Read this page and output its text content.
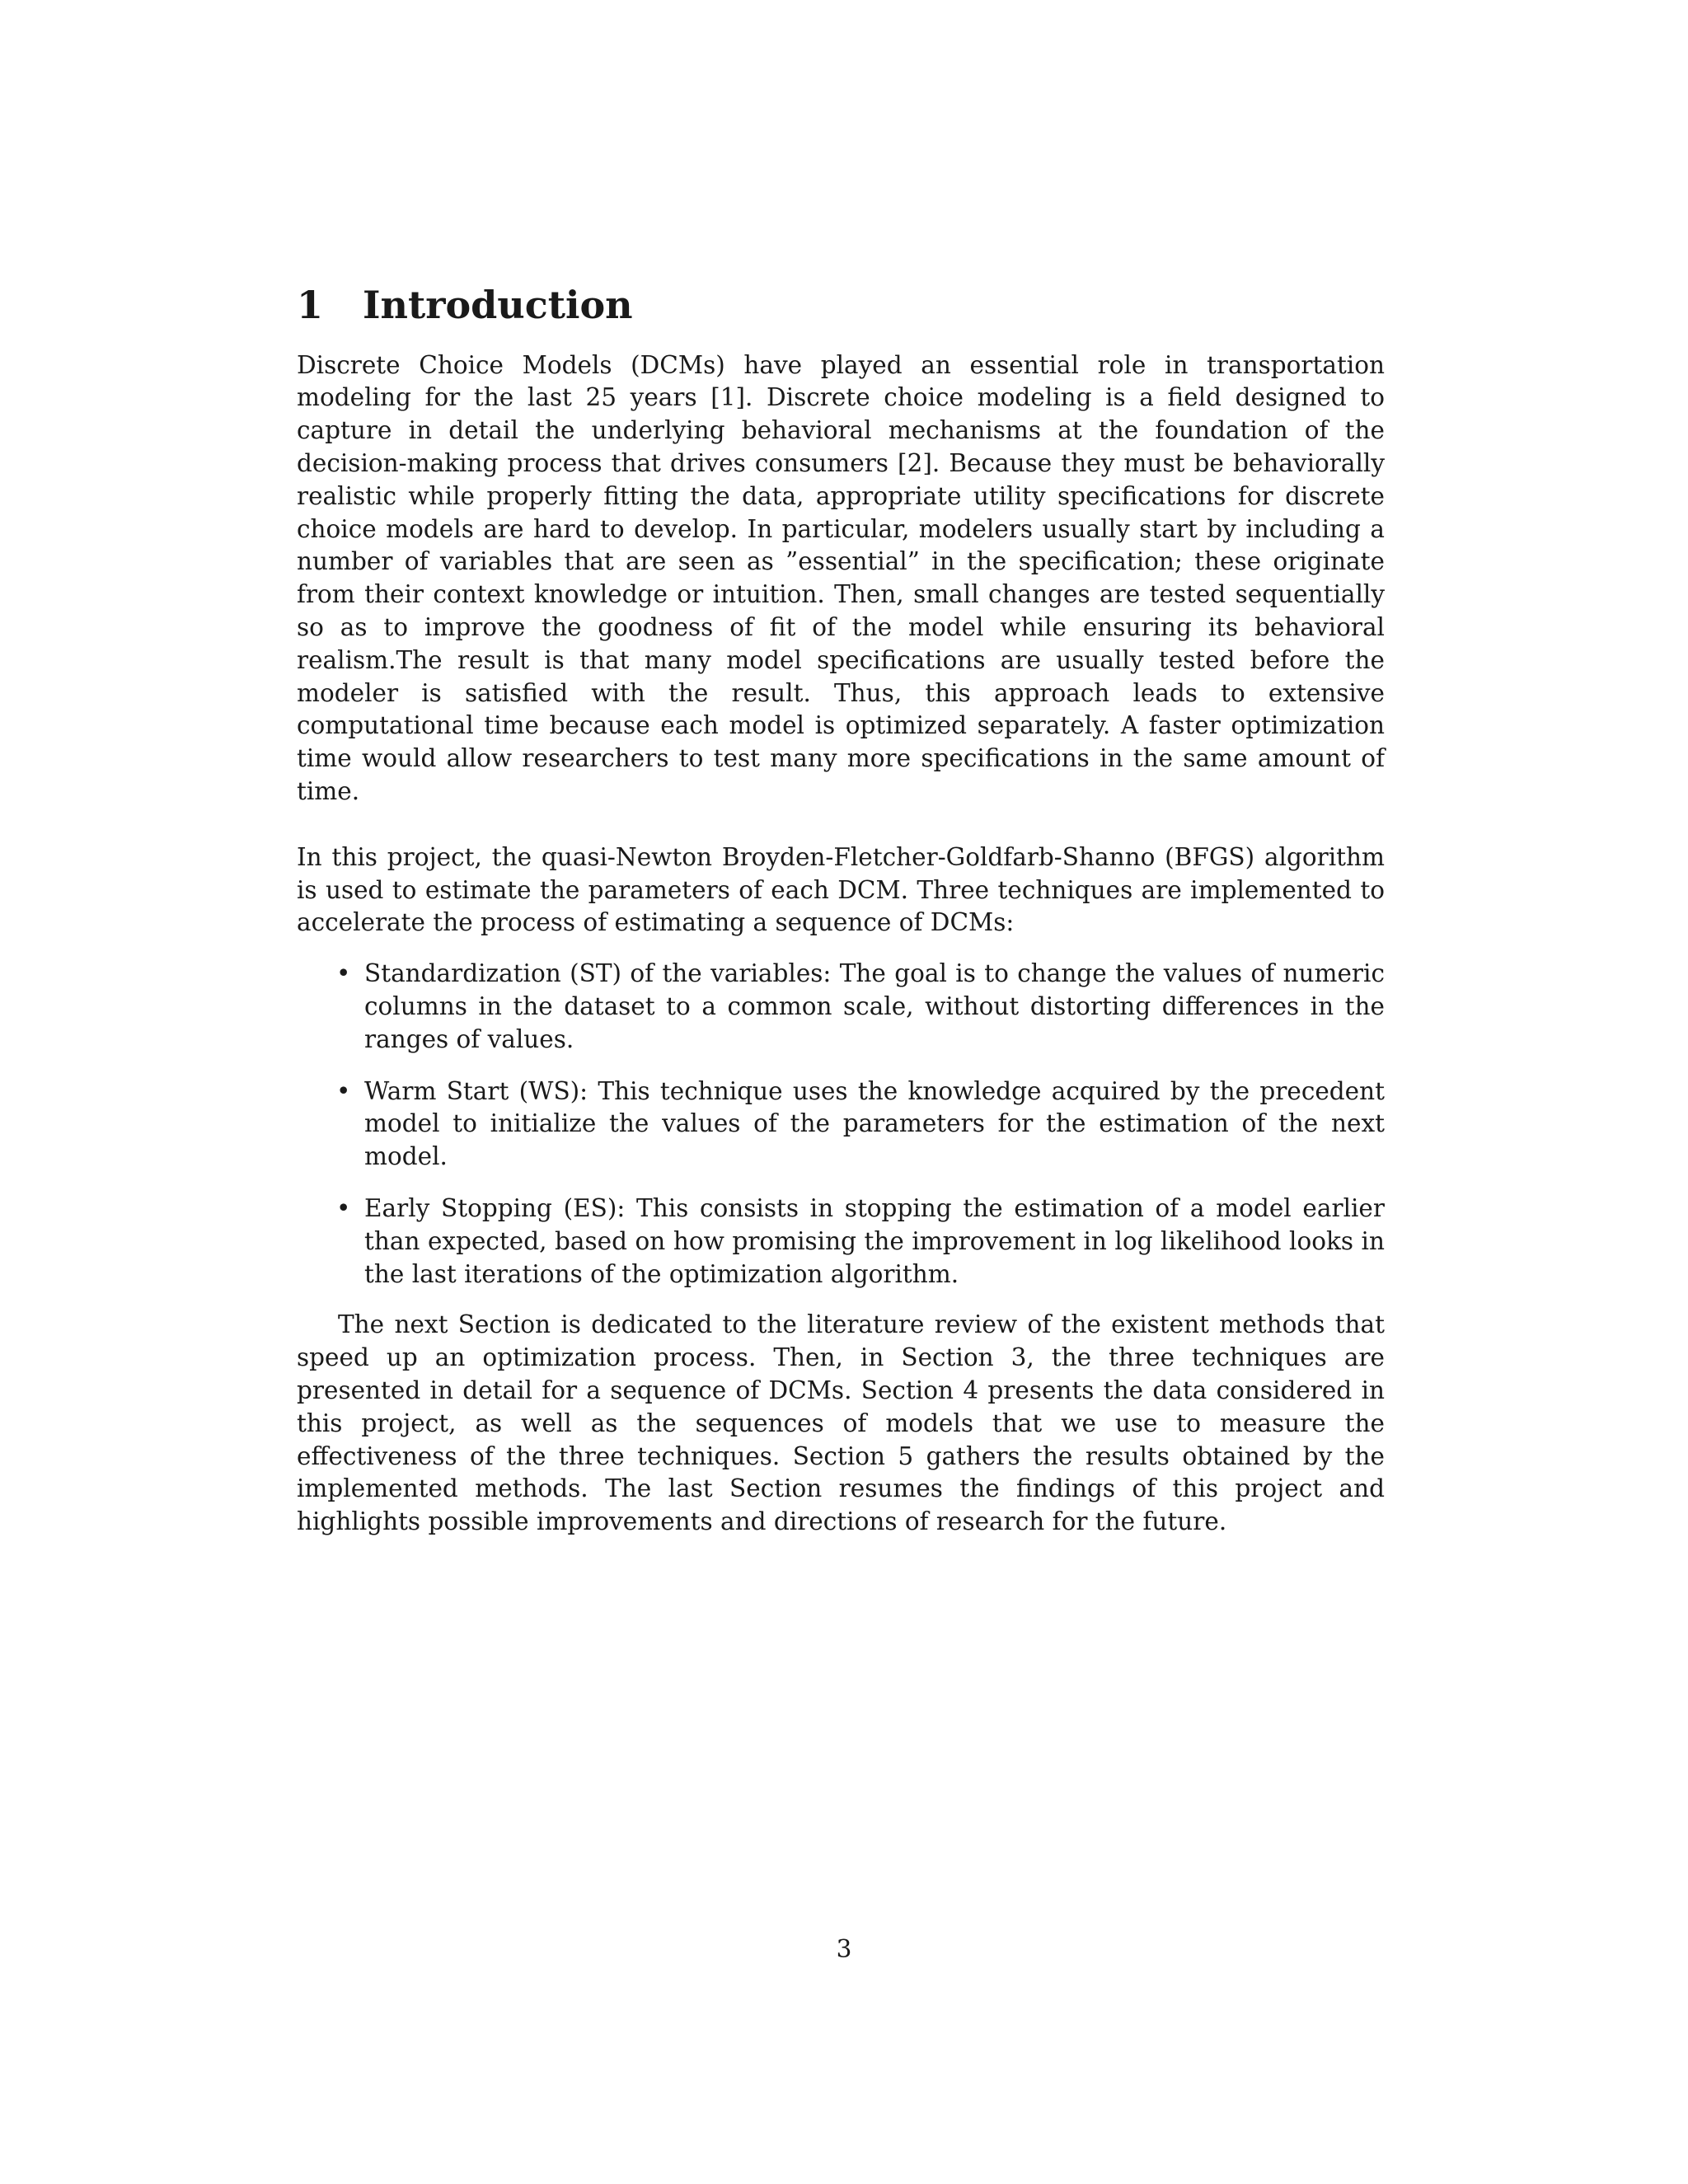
1	Introduction

Discrete Choice Models (DCMs) have played an essential role in transportation modeling for the last 25 years [1]. Discrete choice modeling is a field designed to capture in detail the underlying behavioral mechanisms at the foundation of the decision-making process that drives consumers [2]. Because they must be behaviorally realistic while properly fitting the data, appropriate utility specifications for discrete choice models are hard to develop. In particular, modelers usually start by including a number of variables that are seen as ”essential” in the specification; these originate from their context knowledge or intuition. Then, small changes are tested sequentially so as to improve the goodness of fit of the model while ensuring its behavioral realism.The result is that many model specifications are usually tested before the modeler is satisfied with the result. Thus, this approach leads to extensive computational time because each model is optimized separately. A faster optimization time would allow researchers to test many more specifications in the same amount of time.

In this project, the quasi-Newton Broyden-Fletcher-Goldfarb-Shanno (BFGS) algorithm is used to estimate the parameters of each DCM. Three techniques are implemented to accelerate the process of estimating a sequence of DCMs:

• Standardization (ST) of the variables: The goal is to change the values of numeric columns in the dataset to a common scale, without distorting differences in the ranges of values.
• Warm Start (WS): This technique uses the knowledge acquired by the precedent model to initialize the values of the parameters for the estimation of the next model.
• Early Stopping (ES): This consists in stopping the estimation of a model earlier than expected, based on how promising the improvement in log likelihood looks in the last iterations of the optimization algorithm.

The next Section is dedicated to the literature review of the existent methods that speed up an optimization process. Then, in Section 3, the three techniques are presented in detail for a sequence of DCMs. Section 4 presents the data considered in this project, as well as the sequences of models that we use to measure the effectiveness of the three techniques. Section 5 gathers the results obtained by the implemented methods. The last Section resumes the findings of this project and highlights possible improvements and directions of research for the future.

3
